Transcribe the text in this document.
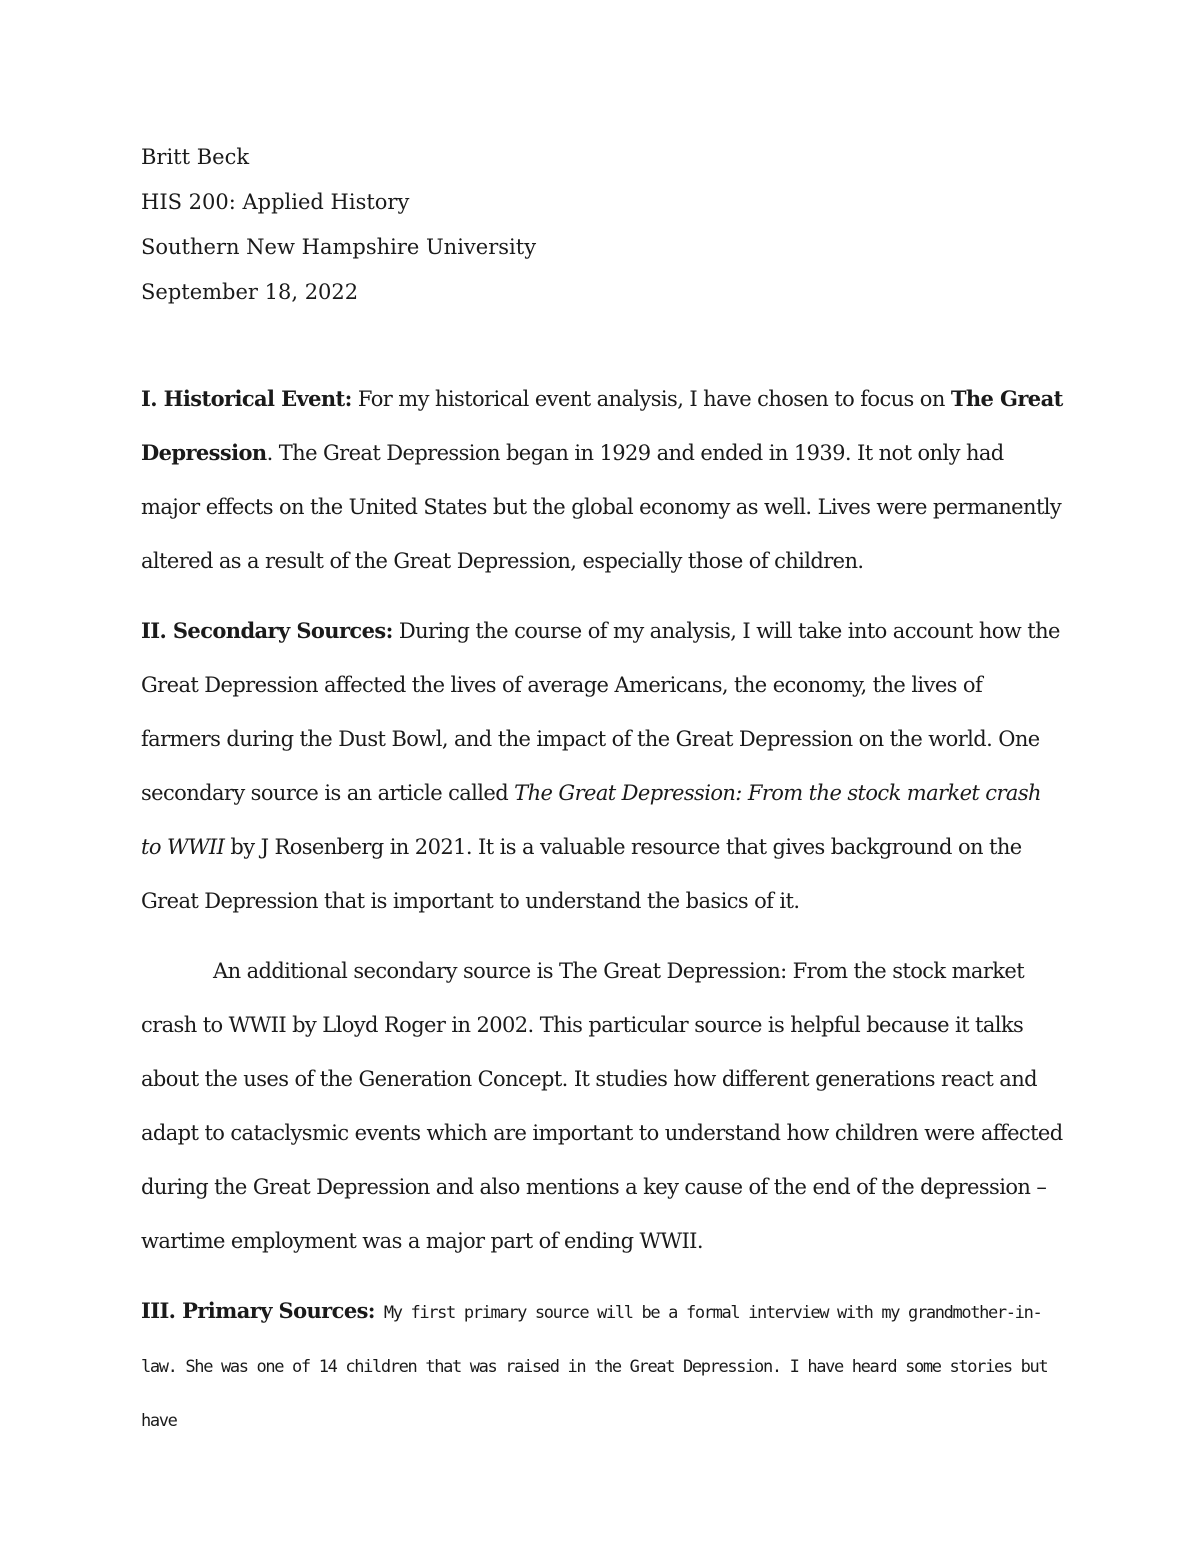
Britt Beck
HIS 200: Applied History
Southern New Hampshire University
September 18, 2022

I. Historical Event: For my historical event analysis, I have chosen to focus on The Great Depression. The Great Depression began in 1929 and ended in 1939. It not only had major effects on the United States but the global economy as well. Lives were permanently altered as a result of the Great Depression, especially those of children.

II. Secondary Sources: During the course of my analysis, I will take into account how the Great Depression affected the lives of average Americans, the economy, the lives of farmers during the Dust Bowl, and the impact of the Great Depression on the world. One secondary source is an article called The Great Depression: From the stock market crash to WWII by J Rosenberg in 2021. It is a valuable resource that gives background on the Great Depression that is important to understand the basics of it.

An additional secondary source is The Great Depression: From the stock market crash to WWII by Lloyd Roger in 2002. This particular source is helpful because it talks about the uses of the Generation Concept. It studies how different generations react and adapt to cataclysmic events which are important to understand how children were affected during the Great Depression and also mentions a key cause of the end of the depression – wartime employment was a major part of ending WWII.

III. Primary Sources: My first primary source will be a formal interview with my grandmother-in-law. She was one of 14 children that was raised in the Great Depression. I have heard some stories but have
